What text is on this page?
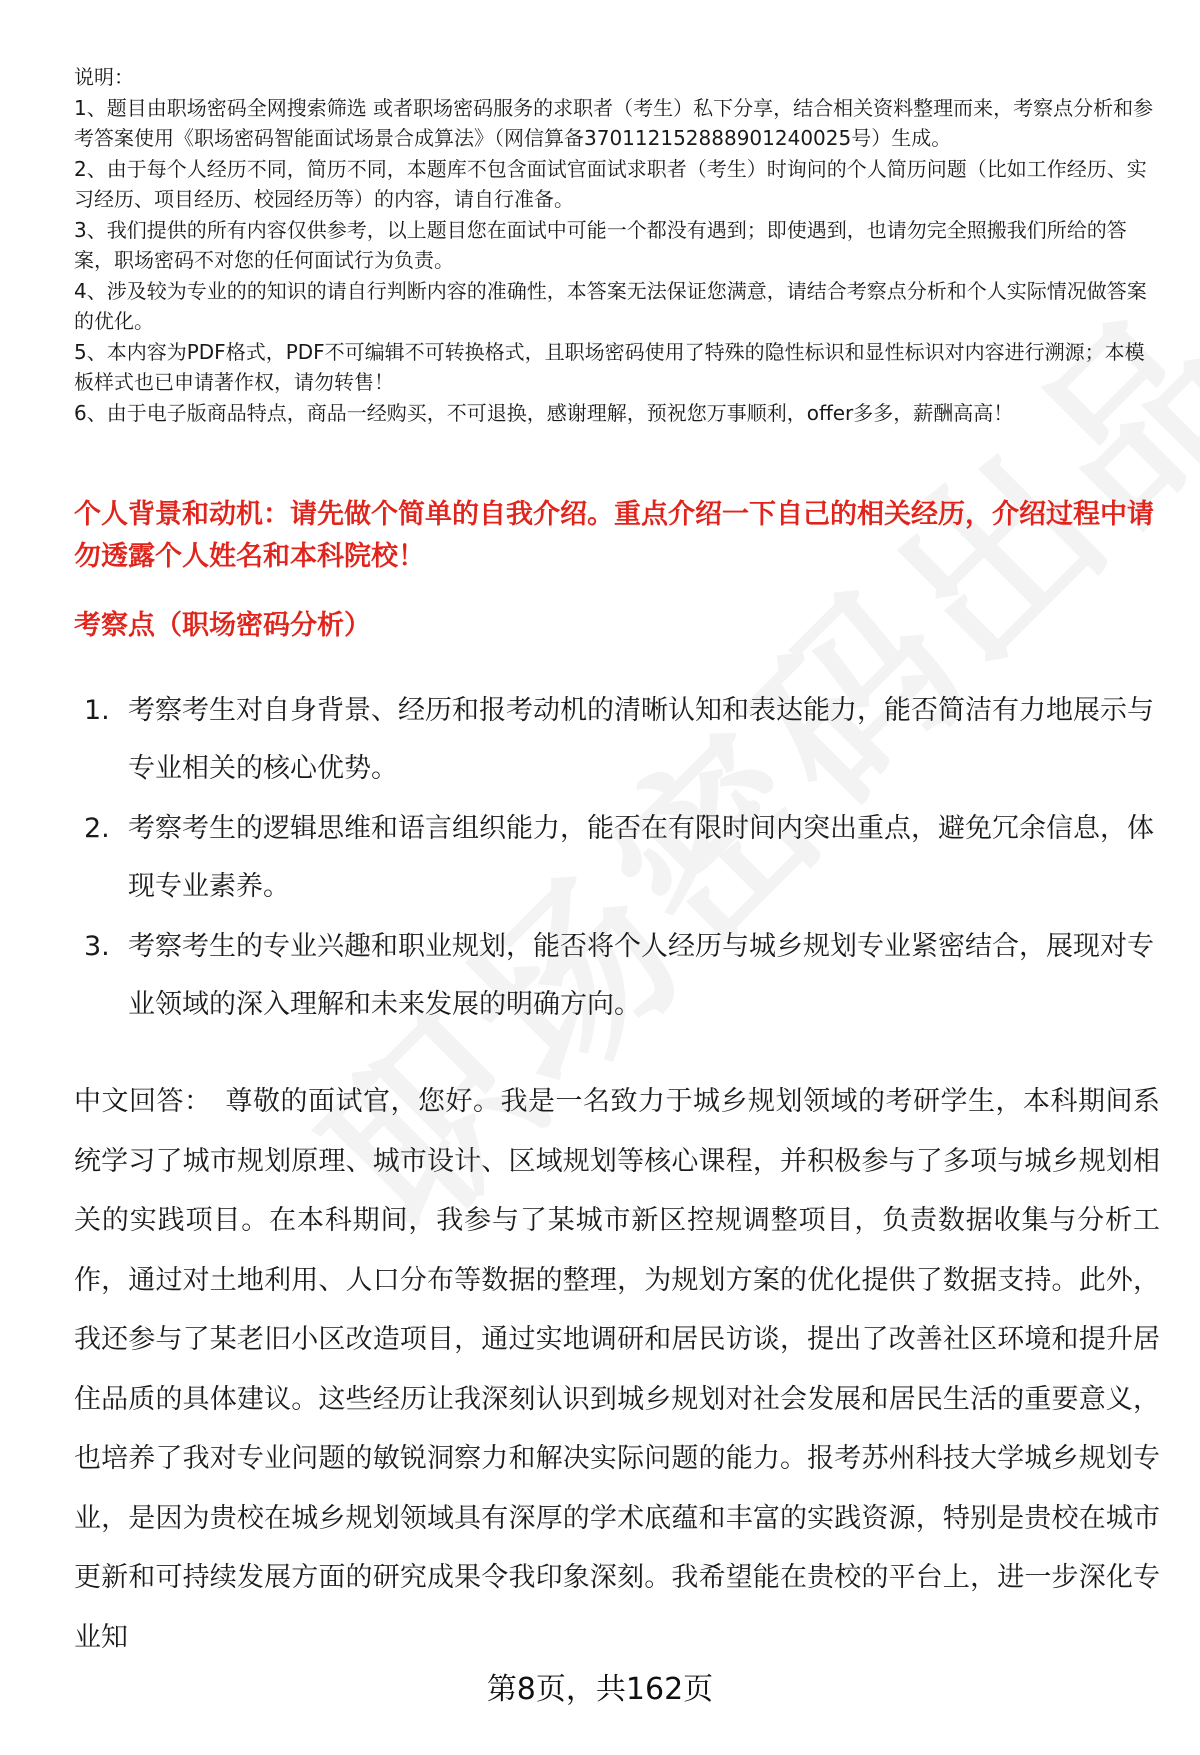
说明：

1、题目由职场密码全网搜索筛选 或者职场密码服务的求职者（考生）私下分享，结合相关资料整理而来，考察点分析和参考答案使用《职场密码智能面试场景合成算法》（网信算备370112152888901240025号）生成。

2、由于每个人经历不同，简历不同，本题库不包含面试官面试求职者（考生）时询问的个人简历问题（比如工作经历、实习经历、项目经历、校园经历等）的内容，请自行准备。

3、我们提供的所有内容仅供参考，以上题目您在面试中可能一个都没有遇到；即使遇到，也请勿完全照搬我们所给的答案，职场密码不对您的任何面试行为负责。

4、涉及较为专业的的知识的请自行判断内容的准确性，本答案无法保证您满意，请结合考察点分析和个人实际情况做答案的优化。

5、本内容为PDF格式，PDF不可编辑不可转换格式，且职场密码使用了特殊的隐性标识和显性标识对内容进行溯源；本模板样式也已申请著作权，请勿转售！

6、由于电子版商品特点，商品一经购买，不可退换，感谢理解，预祝您万事顺利，offer多多，薪酬高高！

个人背景和动机：请先做个简单的自我介绍。重点介绍一下自己的相关经历，介绍过程中请勿透露个人姓名和本科院校！
考察点（职场密码分析）
1. 考察考生对自身背景、经历和报考动机的清晰认知和表达能力，能否简洁有力地展示与专业相关的核心优势。
2. 考察考生的逻辑思维和语言组织能力，能否在有限时间内突出重点，避免冗余信息，体现专业素养。
3. 考察考生的专业兴趣和职业规划，能否将个人经历与城乡规划专业紧密结合，展现对专业领域的深入理解和未来发展的明确方向。
中文回答： 尊敬的面试官，您好。我是一名致力于城乡规划领域的考研学生，本科期间系统学习了城市规划原理、城市设计、区域规划等核心课程，并积极参与了多项与城乡规划相关的实践项目。在本科期间，我参与了某城市新区控规调整项目，负责数据收集与分析工作，通过对土地利用、人口分布等数据的整理，为规划方案的优化提供了数据支持。此外，我还参与了某老旧小区改造项目，通过实地调研和居民访谈，提出了改善社区环境和提升居住品质的具体建议。这些经历让我深刻认识到城乡规划对社会发展和居民生活的重要意义，也培养了我对专业问题的敏锐洞察力和解决实际问题的能力。报考苏州科技大学城乡规划专业，是因为贵校在城乡规划领域具有深厚的学术底蕴和丰富的实践资源，特别是贵校在城市更新和可持续发展方面的研究成果令我印象深刻。我希望能在贵校的平台上，进一步深化专业知
第8页，共162页
